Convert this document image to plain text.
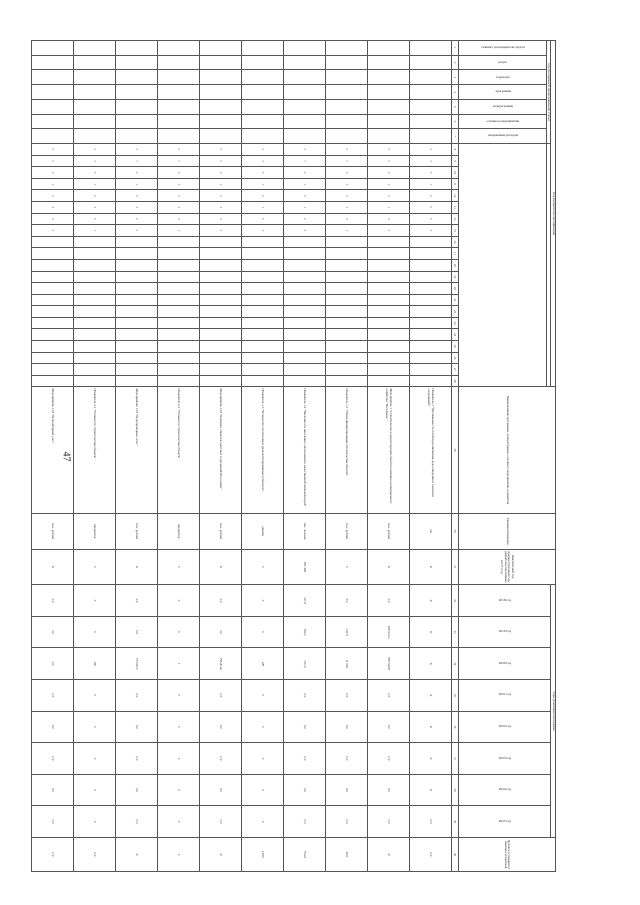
47
Код бюджетной классификации																												Наименование программы, подпрограммы, основного мероприятия, показателя	Единица измерения	Фактический год, предшествующий году разработки программы (2017 год)	Годы реализации программы								Целевое (суммарное) значение показателя
код программной (непрограммной) статьи																															2018 год	2019 год	2020 год	2021 год	2022 год	2023 год	2024 год	2025 год	
главного распорядителя средств	раздел	подраздел	программы	подпрограммы	основного мероприятия	направление расходов																																	
1	2	3	4	5	6	7	8	9	10	11	12	13	14	15	16	17	18	19	20	21	22	23	24	25	26	27	28	29	30	31	32	33	34	35	36	37	38	39	40
							0	7	0	1	0	0	0	0														Показатель 1 "Протяженность сетей водоснабжения, водоотведения и очистных сооружений"	км	Х	Х	Х	Х	Х	Х	Х	Х	0,0	0,0
							0	7	0	1	0	1	0	0														Мероприятие 1 "Строительство и реконструкция объектов жилищно-коммунального хозяйства "Поселение "	тыс. рублей	Х	0,0	268 931,0	885 648,8	0,0	0,0	0,0	0,0	0,0	Х
							0	7	0	1	0	1	0	1														Показатель 1.1 "Объем финансирования строительства объекта"	тыс. рублей	0	0,0	341,9	11 593	0,0	0,0	0,0	0,0	0,0	00,0
							0	7	0	1	0	1	0	2														Показатель 1.2 "Численность населения, обеспеченного качественной питьевой водой"	тыс. человек	585 469	117,2	160,2	170,6	0,0	0,0	0,0	0,0	0,0	574,6
							0	7	0	1	0	1	0	3														Показатель 1.3 "Количество построенных (реконструированных) объектов"	единиц	0	0	0	128	0	0	0	0	0	128,0
							0	7	0	1	0	2	0	0														Мероприятие 1.02 "Комплекс объектов очистных сооружений Поселения "	тыс. рублей	Х	0,0	0,0	158 204,0	0,0	0,0	0,0	0,0	0,0	Х
							0	7	0	1	0	2	0	1														Показатель 2.1 "Готовность строительства объекта"	процентов	0	0	0	1	0	0	0	0	0	0
							0	7	0	1	0	3	0	0														Мероприятие 1.03 "Водопроводные сети "	тыс. рублей	Х	0,0	0,0	70 000,0	0,0	0,0	0,0	0,0	0,0	Х
							0	7	0	1	0	3	0	1														Показатель 3.1 "Готовность строительства объекта"	процентов	0	0	0	100	0	0	0	0	0	0,0
							0	7	0	1	0	4	0	0														Мероприятие 1.04 "Водозаборный узел "	тыс. рублей	Х	0,0	0,0	0,0	0,0	0,0	0,0	0,0	0,0	0,0
